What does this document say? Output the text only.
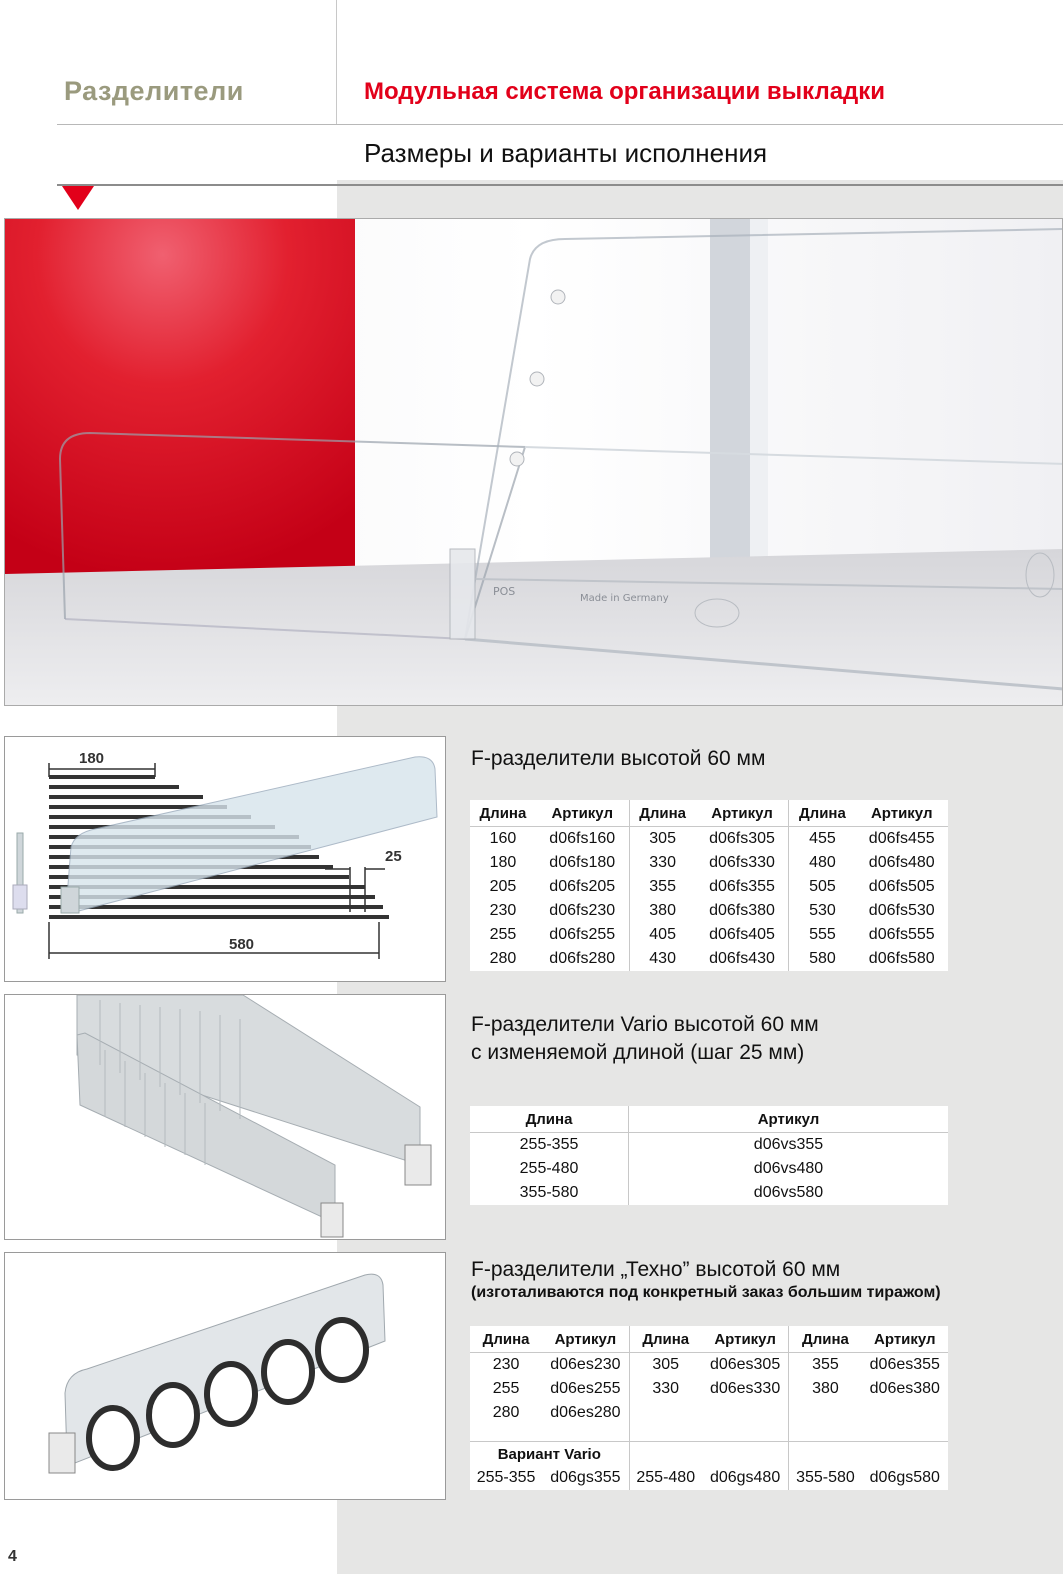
Разделители	Модульная система организации выкладки
Размеры и варианты исполнения
POS
Made in Germany
180
25
580
F-разделители высотой 60 мм
Длина	Артикул	Длина	Артикул	Длина	Артикул
160	d06fs160	305	d06fs305	455	d06fs455
180	d06fs180	330	d06fs330	480	d06fs480
205	d06fs205	355	d06fs355	505	d06fs505
230	d06fs230	380	d06fs380	530	d06fs530
255	d06fs255	405	d06fs405	555	d06fs555
280	d06fs280	430	d06fs430	580	d06fs580
F-разделители Vario высотой 60 мм
с изменяемой длиной (шаг 25 мм)
Длина	Артикул
255-355	d06vs355
255-480	d06vs480
355-580	d06vs580
F-разделители „Техно” высотой 60 мм
(изготаливаются под конкретный заказ большим тиражом)
Длина	Артикул	Длина	Артикул	Длина	Артикул
230	d06es230	305	d06es305	355	d06es355
255	d06es255	330	d06es330	380	d06es380
280	d06es280				

Вариант Vario					
255-355	d06gs355	255-480	d06gs480	355-580	d06gs580
4
